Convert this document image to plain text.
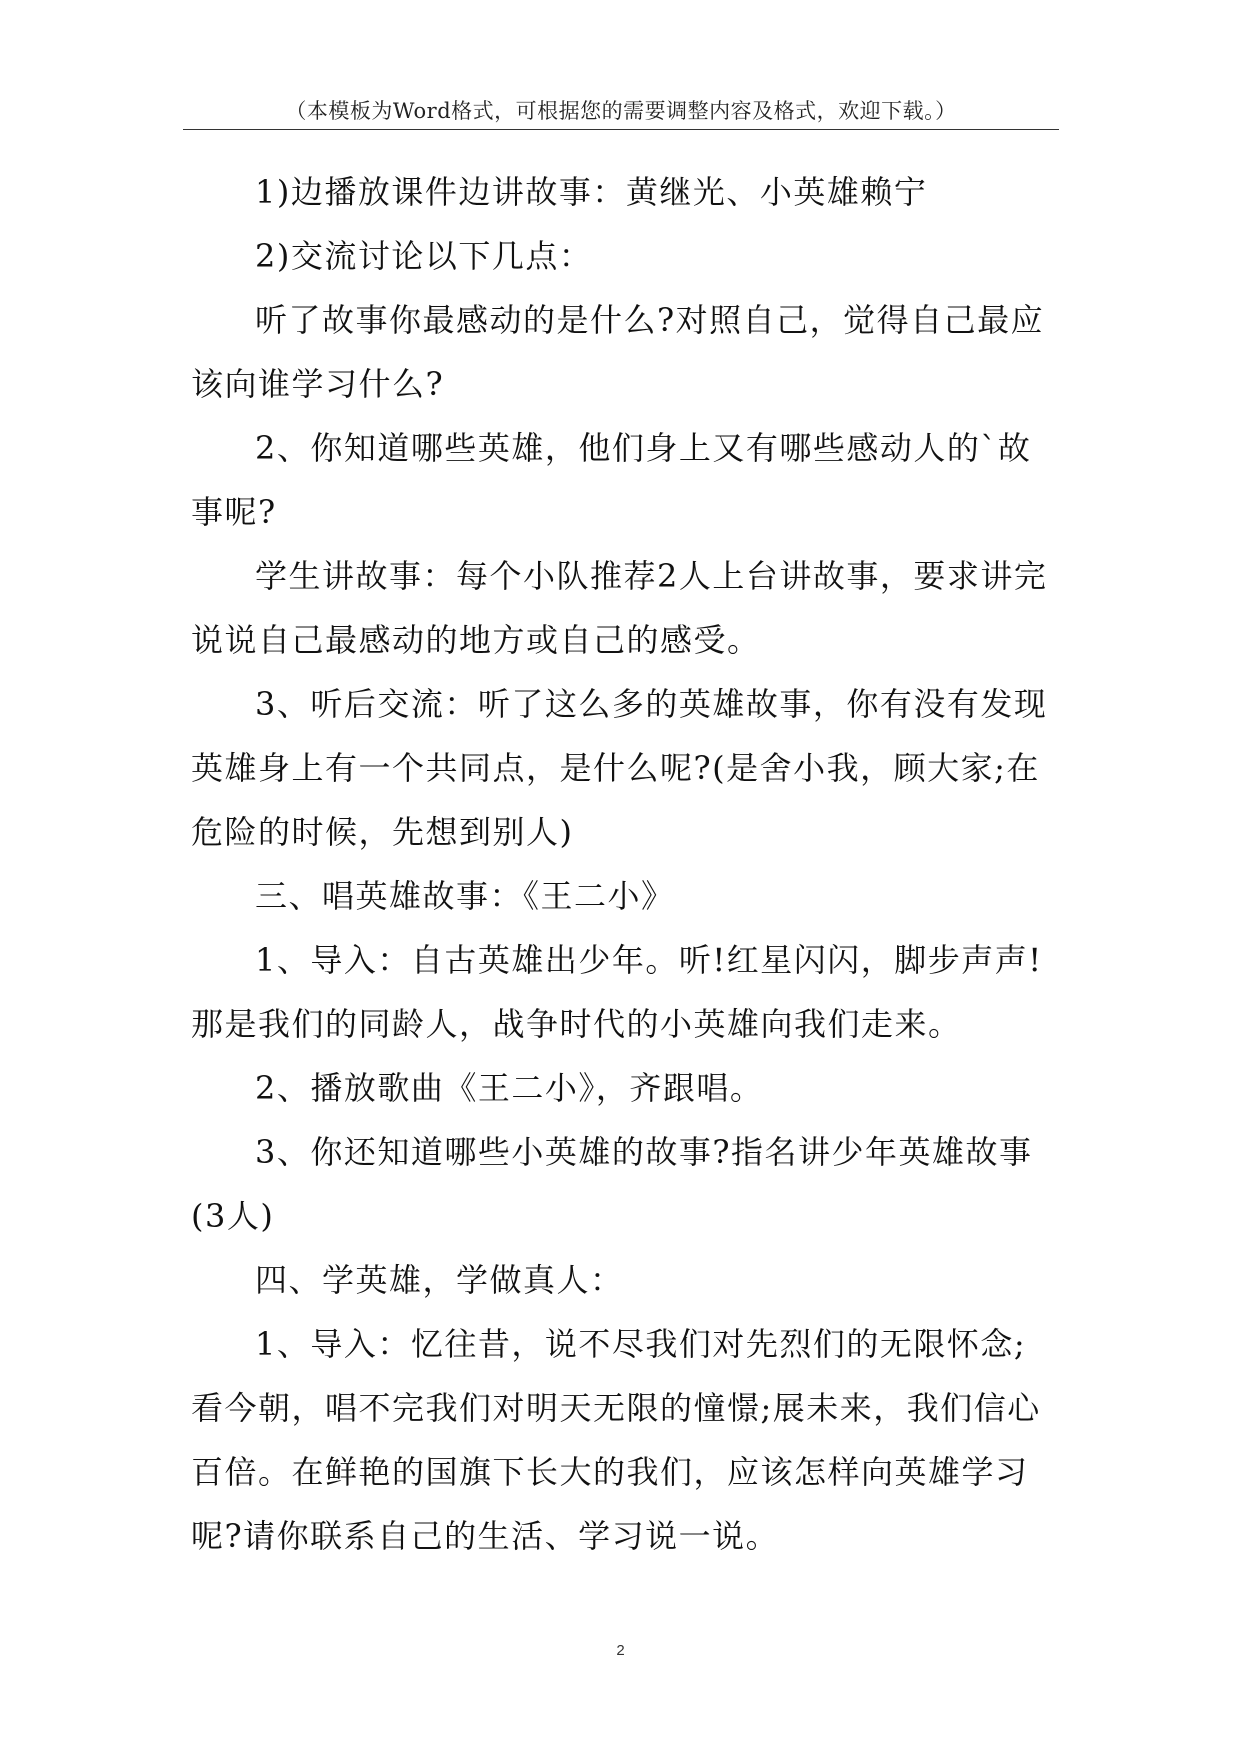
（本模板为Word格式，可根据您的需要调整内容及格式，欢迎下载。）

1)边播放课件边讲故事：黄继光、小英雄赖宁

2)交流讨论以下几点：

听了故事你最感动的是什么?对照自己，觉得自己最应该向谁学习什么?

2、你知道哪些英雄，他们身上又有哪些感动人的`故事呢?

学生讲故事：每个小队推荐2人上台讲故事，要求讲完说说自己最感动的地方或自己的感受。

3、听后交流：听了这么多的英雄故事，你有没有发现英雄身上有一个共同点，是什么呢?(是舍小我，顾大家;在危险的时候，先想到别人)

三、唱英雄故事：《王二小》

1、导入：自古英雄出少年。听!红星闪闪，脚步声声!那是我们的同龄人，战争时代的小英雄向我们走来。

2、播放歌曲《王二小》，齐跟唱。

3、你还知道哪些小英雄的故事?指名讲少年英雄故事(3人)

四、学英雄，学做真人：

1、导入：忆往昔，说不尽我们对先烈们的无限怀念;看今朝，唱不完我们对明天无限的憧憬;展未来，我们信心百倍。在鲜艳的国旗下长大的我们，应该怎样向英雄学习呢?请你联系自己的生活、学习说一说。

2
